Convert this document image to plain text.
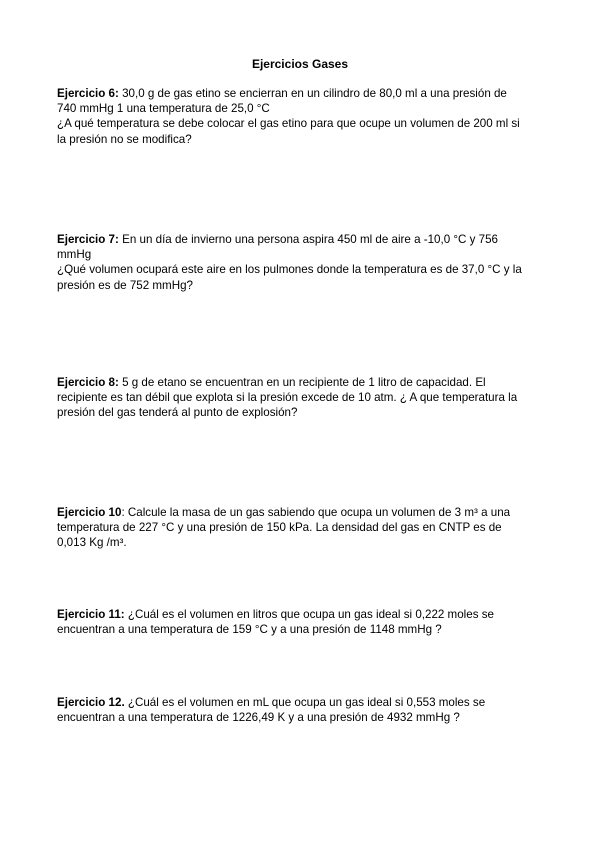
Ejercicios Gases
Ejercicio 6: 30,0 g de gas etino se encierran en un cilindro de 80,0 ml a una presión de
740 mmHg 1 una temperatura de 25,0 °C
¿A qué temperatura se debe colocar el gas etino para que ocupe un volumen de 200 ml si
la presión no se modifica?
Ejercicio 7: En un día de invierno una persona aspira 450 ml de aire a -10,0 °C y 756
mmHg
¿Qué volumen ocupará este aire en los pulmones donde la temperatura es de 37,0 °C y la
presión es de 752 mmHg?
Ejercicio 8: 5 g de etano se encuentran en un recipiente de 1 litro de capacidad. El
recipiente es tan débil que explota si la presión excede de 10 atm. ¿ A que temperatura la
presión del gas tenderá al punto de explosión?
Ejercicio 10: Calcule la masa de un gas sabiendo que ocupa un volumen de 3 m³ a una
temperatura de 227 °C y una presión de 150 kPa. La densidad del gas en CNTP es de
0,013 Kg /m³.
Ejercicio 11: ¿Cuál es el volumen en litros que ocupa un gas ideal si 0,222 moles se
encuentran a una temperatura de 159 °C y a una presión de 1148 mmHg ?
Ejercicio 12. ¿Cuál es el volumen en mL que ocupa un gas ideal si 0,553 moles se
encuentran a una temperatura de 1226,49 K y a una presión de 4932 mmHg ?
